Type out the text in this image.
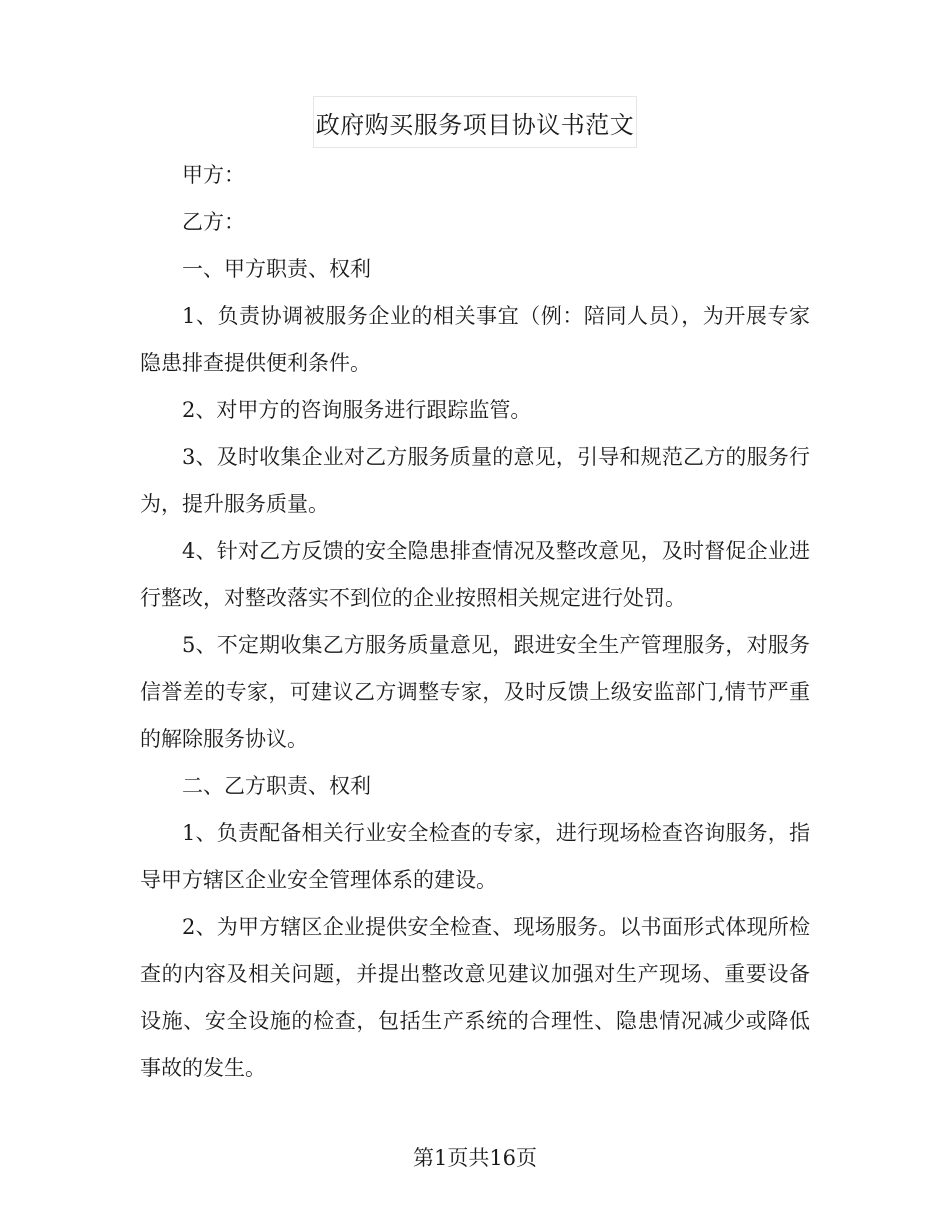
政府购买服务项目协议书范文

甲方：

乙方：

一、甲方职责、权利

1、负责协调被服务企业的相关事宜（例：陪同人员），为开展专家隐患排查提供便利条件。

2、对甲方的咨询服务进行跟踪监管。

3、及时收集企业对乙方服务质量的意见，引导和规范乙方的服务行为，提升服务质量。

4、针对乙方反馈的安全隐患排查情况及整改意见，及时督促企业进行整改，对整改落实不到位的企业按照相关规定进行处罚。

5、不定期收集乙方服务质量意见，跟进安全生产管理服务，对服务信誉差的专家，可建议乙方调整专家，及时反馈上级安监部门,情节严重的解除服务协议。

二、乙方职责、权利

1、负责配备相关行业安全检查的专家，进行现场检查咨询服务，指导甲方辖区企业安全管理体系的建设。

2、为甲方辖区企业提供安全检查、现场服务。以书面形式体现所检查的内容及相关问题，并提出整改意见建议加强对生产现场、重要设备设施、安全设施的检查，包括生产系统的合理性、隐患情况减少或降低事故的发生。

第1页共16页
